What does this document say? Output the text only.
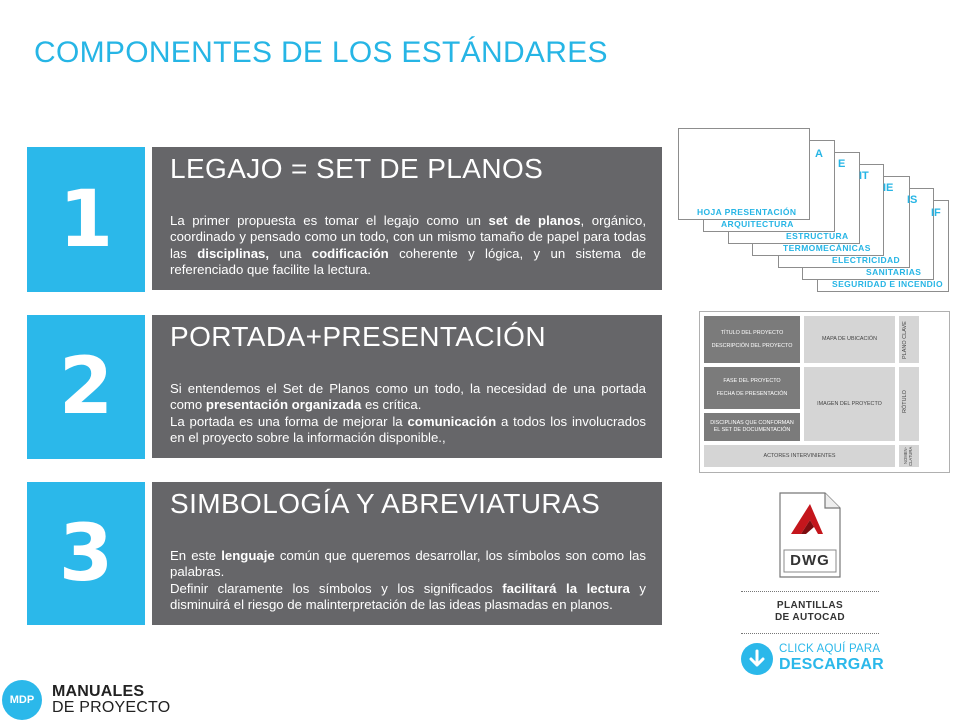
COMPONENTES DE LOS ESTÁNDARES
1
LEGAJO = SET DE PLANOS
La primer propuesta es tomar el legajo como un set de planos, orgánico, coordinado y pensado como un todo, con un mismo tamaño de papel para todas las disciplinas, una codificación coherente y lógica, y un sistema de referenciado que facilite la lectura.
2
PORTADA+PRESENTACIÓN
Si entendemos el Set de Planos como un todo, la necesidad de una portada como presentación organizada es crítica.
La portada es una forma de mejorar la comunicación a todos los involucrados en el proyecto sobre la información disponible.,
3
SIMBOLOGÍA Y ABREVIATURAS
En este lenguaje común que queremos desarrollar, los símbolos son como las palabras.
Definir claramente los símbolos y los significados facilitará la lectura y disminuirá el riesgo de malinterpretación de las ideas plasmadas en planos.
A
E
IT
IE
IS
IF
HOJA PRESENTACIÓN
ARQUITECTURA
ESTRUCTURA
TERMOMECÁNICAS
ELECTRICIDAD
SANITARIAS
SEGURIDAD E INCENDIO
TÍTULO DEL PROYECTO
DESCRIPCIÓN DEL PROYECTO
MAPA DE UBICACIÓN	PLANO CLAVE
FASE DEL PROYECTO
FECHA DE PRESENTACIÓN
IMAGEN DEL PROYECTO	RÓTULO
DISCIPLINAS QUE CONFORMAN
EL SET DE DOCUMENTACIÓN
ACTORES INTERVINIENTES	NOMEN- CLATURA
DWG
PLANTILLAS
DE AUTOCAD
CLICK AQUÍ PARA
DESCARGAR
MDP	MANUALES
DE PROYECTO
